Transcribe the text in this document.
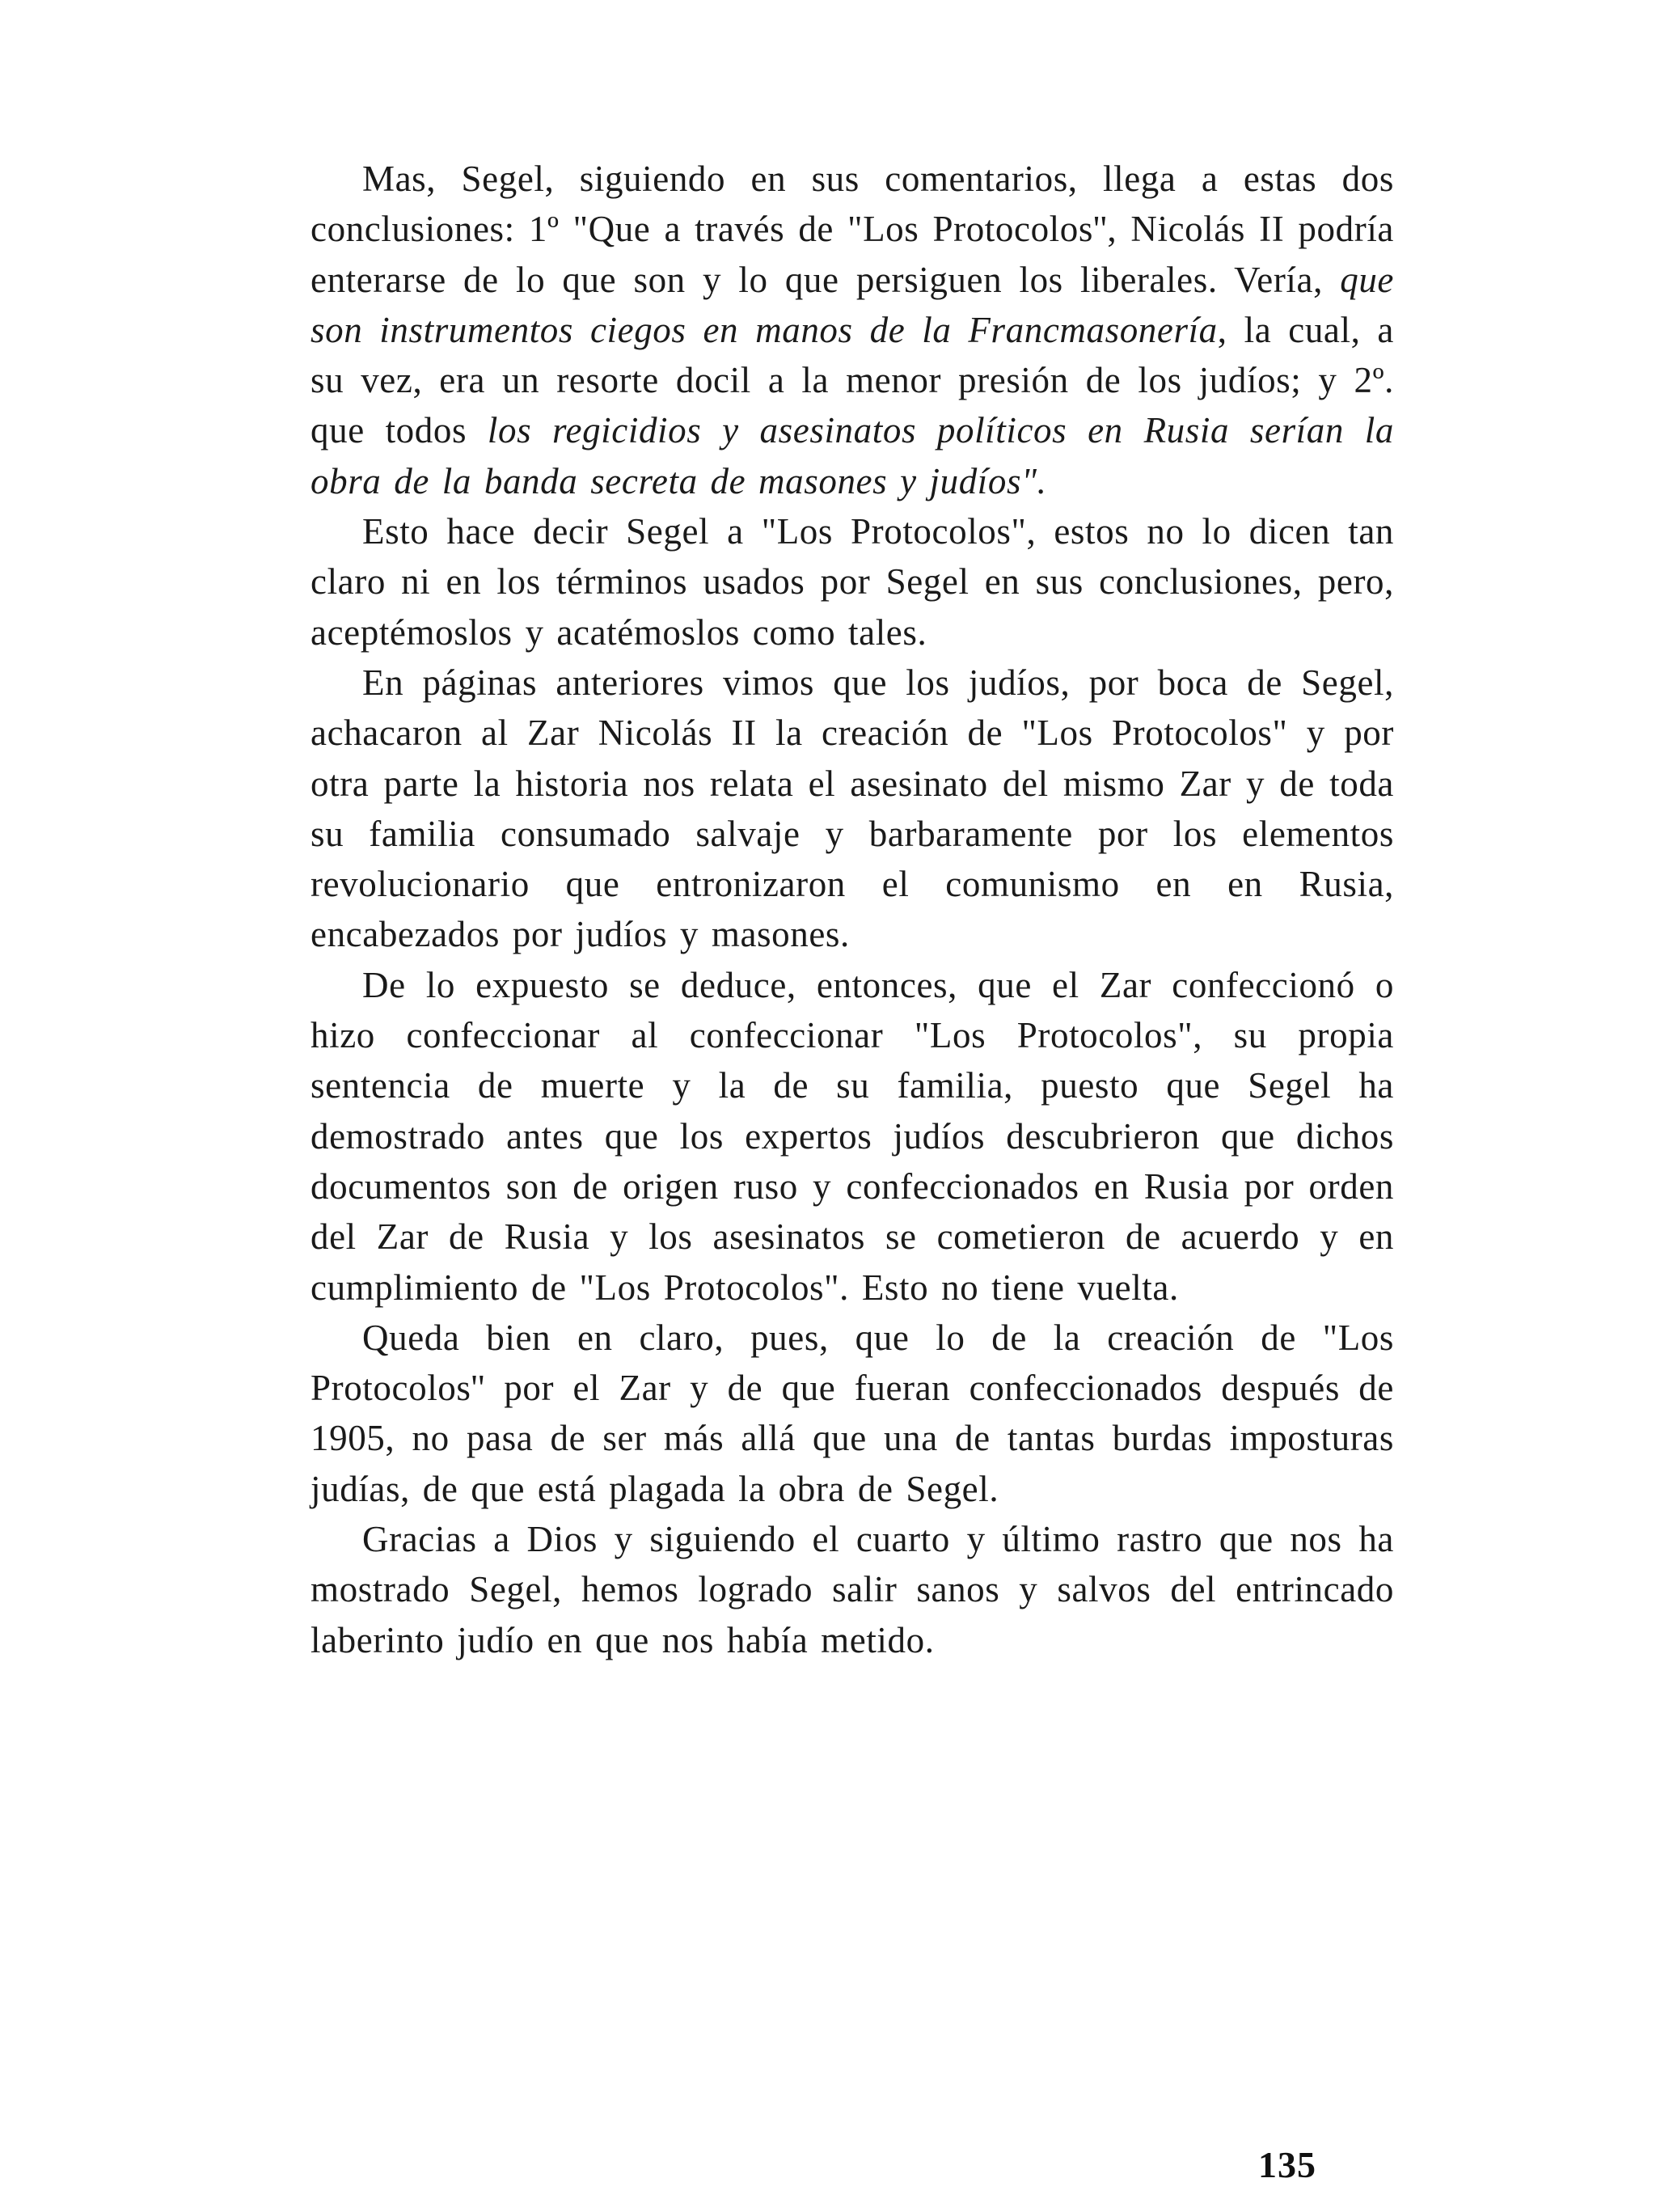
Mas, Segel, siguiendo en sus comentarios, llega a estas dos conclusiones: 1º "Que a través de "Los Protocolos'', Nicolás II podría enterarse de lo que son y lo que persiguen los liberales. Vería, que son instrumentos ciegos en manos de la Francmasonería, la cual, a su vez, era un resorte docil a la menor presión de los judíos; y 2º. que todos los regicidios y asesinatos políticos en Rusia serían la obra de la banda secreta de masones y judíos".

Esto hace decir Segel a "Los Protocolos", estos no lo dicen tan claro ni en los términos usados por Segel en sus conclusiones, pero, aceptémoslos y acatémoslos como tales.

En páginas anteriores vimos que los judíos, por boca de Segel, achacaron al Zar Nicolás II la creación de "Los Protocolos" y por otra parte la historia nos relata el asesinato del mismo Zar y de toda su familia consumado salvaje y barbaramente por los elementos revolucionario que entronizaron el comunismo en en Rusia, encabezados por judíos y masones.

De lo expuesto se deduce, entonces, que el Zar confeccionó o hizo confeccionar al confeccionar "Los Protocolos", su propia sentencia de muerte y la de su familia, puesto que Segel ha demostrado antes que los expertos judíos descubrieron que dichos documentos son de origen ruso y confeccionados en Rusia por orden del Zar de Rusia y los asesinatos se cometieron de acuerdo y en cumplimiento de "Los Protocolos". Esto no tiene vuelta.

Queda bien en claro, pues, que lo de la creación de "Los Protocolos'' por el Zar y de que fueran confeccionados después de 1905, no pasa de ser más allá que una de tantas burdas imposturas judías, de que está plagada la obra de Segel.

Gracias a Dios y siguiendo el cuarto y último rastro que nos ha mostrado Segel, hemos logrado salir sanos y salvos del entrincado laberinto judío en que nos había metido.

135
